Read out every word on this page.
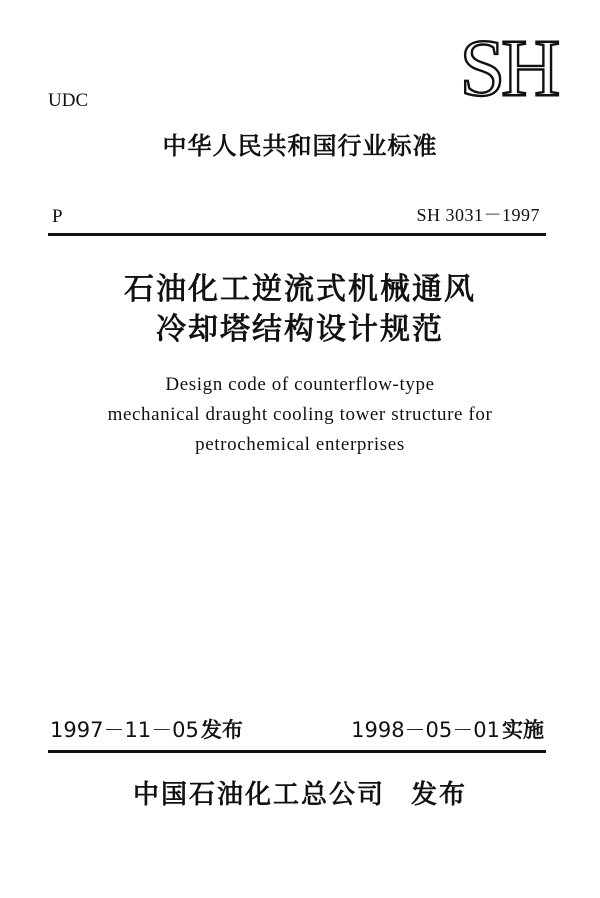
SH
UDC
中华人民共和国行业标准
P	SH 3031－1997
石油化工逆流式机械通风
冷却塔结构设计规范
Design code of counterflow-type
mechanical draught cooling tower structure for
petrochemical enterprises
1997－11－05发布	1998－05－01实施
中国石油化工总公司 发布
